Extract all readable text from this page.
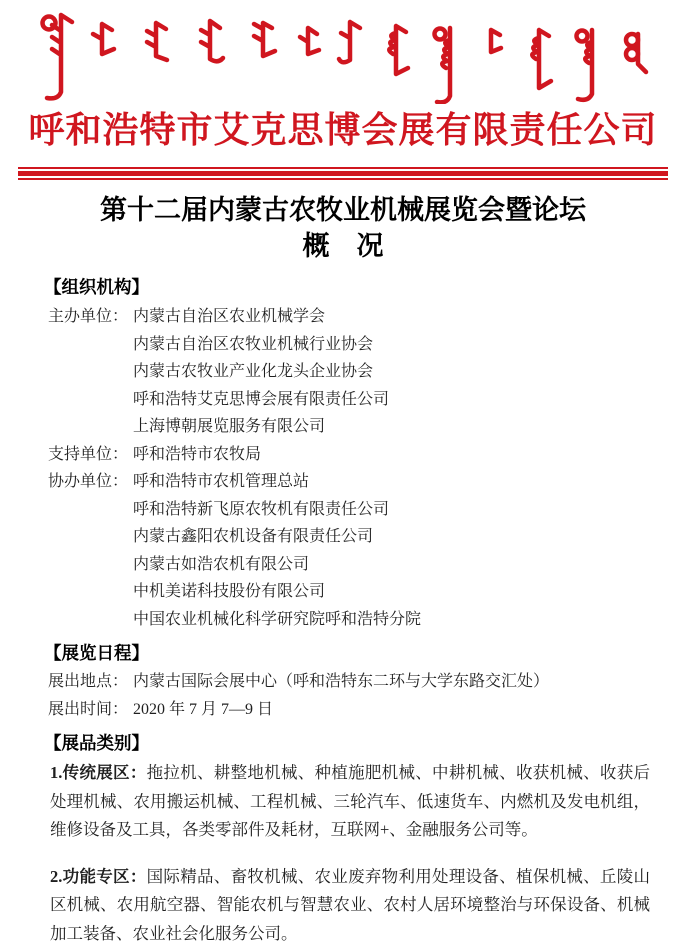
呼和浩特市艾克思博会展有限责任公司
第十二届内蒙古农牧业机械展览会暨论坛
概　况
【组织机构】
主办单位： 内蒙古自治区农业机械学会
内蒙古自治区农牧业机械行业协会
内蒙古农牧业产业化龙头企业协会
呼和浩特艾克思博会展有限责任公司
上海博朝展览服务有限公司
支持单位： 呼和浩特市农牧局
协办单位： 呼和浩特市农机管理总站
呼和浩特新飞原农牧机有限责任公司
内蒙古鑫阳农机设备有限责任公司
内蒙古如浩农机有限公司
中机美诺科技股份有限公司
中国农业机械化科学研究院呼和浩特分院
【展览日程】
展出地点： 内蒙古国际会展中心（呼和浩特东二环与大学东路交汇处）
展出时间： 2020 年 7 月 7—9 日
【展品类别】

1.传统展区：拖拉机、耕整地机械、种植施肥机械、中耕机械、收获机械、收获后处理机械、农用搬运机械、工程机械、三轮汽车、低速货车、内燃机及发电机组，维修设备及工具，各类零部件及耗材，互联网+、金融服务公司等。

2.功能专区：国际精品、畜牧机械、农业废弃物利用处理设备、植保机械、丘陵山区机械、农用航空器、智能农机与智慧农业、农村人居环境整治与环保设备、机械加工装备、农业社会化服务公司。
